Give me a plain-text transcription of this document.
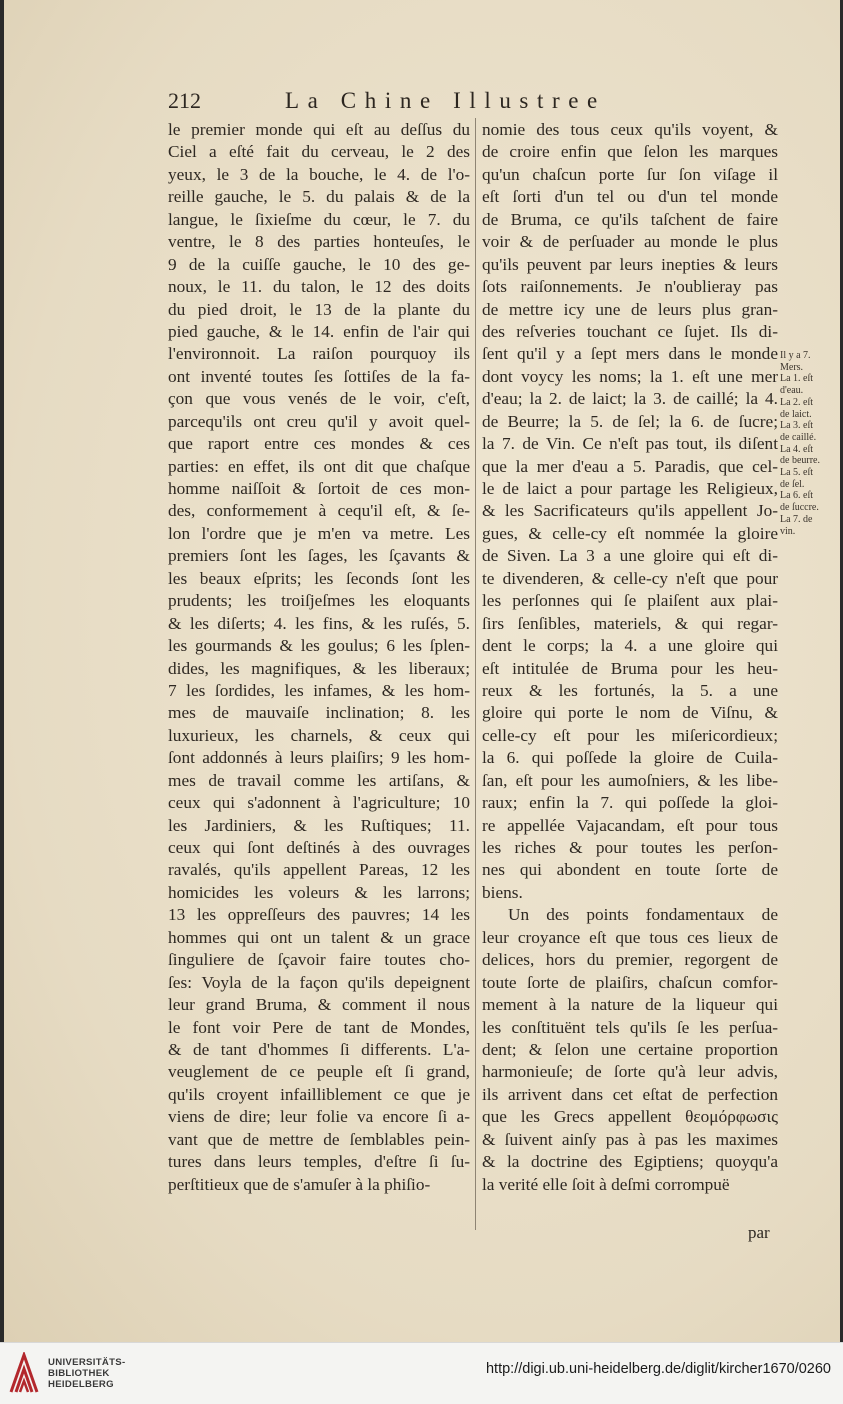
212	La Chine Illustree
le premier monde qui eſt au deſſus du
Ciel a eſté fait du cerveau, le 2 des
yeux, le 3 de la bouche, le 4. de l'o-
reille gauche, le 5. du palais & de la
langue, le ſixieſme du cœur, le 7. du
ventre, le 8 des parties honteuſes, le
9 de la cuiſſe gauche, le 10 des ge-
noux, le 11. du talon, le 12 des doits
du pied droit, le 13 de la plante du
pied gauche, & le 14. enfin de l'air qui
l'environnoit. La raiſon pourquoy ils
ont inventé toutes ſes ſottiſes de la fa-
çon que vous venés de le voir, c'eſt,
parcequ'ils ont creu qu'il y avoit quel-
que raport entre ces mondes & ces
parties: en effet, ils ont dit que chaſque
homme naiſſoit & ſortoit de ces mon-
des, conformement à cequ'il eſt, & ſe-
lon l'ordre que je m'en va metre. Les
premiers ſont les ſages, les ſçavants &
les beaux eſprits; les ſeconds ſont les
prudents; les troiſjeſmes les eloquants
& les diſerts; 4. les fins, & les ruſés, 5.
les gourmands & les goulus; 6 les ſplen-
dides, les magnifiques, & les liberaux;
7 les ſordides, les infames, & les hom-
mes de mauvaiſe inclination; 8. les
luxurieux, les charnels, & ceux qui
ſont addonnés à leurs plaiſirs; 9 les hom-
mes de travail comme les artiſans, &
ceux qui s'adonnent à l'agriculture; 10
les Jardiniers, & les Ruſtiques; 11.
ceux qui ſont deſtinés à des ouvrages
ravalés, qu'ils appellent Pareas, 12 les
homicides les voleurs & les larrons;
13 les oppreſſeurs des pauvres; 14 les
hommes qui ont un talent & un grace
ſinguliere de ſçavoir faire toutes cho-
ſes: Voyla de la façon qu'ils depeignent
leur grand Bruma, & comment il nous
le font voir Pere de tant de Mondes,
& de tant d'hommes ſi differents. L'a-
veuglement de ce peuple eſt ſi grand,
qu'ils croyent infailliblement ce que je
viens de dire; leur folie va encore ſi a-
vant que de mettre de ſemblables pein-
tures dans leurs temples, d'eſtre ſi ſu-
perſtitieux que de s'amuſer à la phiſio-
nomie des tous ceux qu'ils voyent, &
de croire enfin que ſelon les marques
qu'un chaſcun porte ſur ſon viſage il
eſt ſorti d'un tel ou d'un tel monde
de Bruma, ce qu'ils taſchent de faire
voir & de perſuader au monde le plus
qu'ils peuvent par leurs inepties & leurs
ſots raiſonnements. Je n'oublieray pas
de mettre icy une de leurs plus gran-
des reſveries touchant ce ſujet. Ils di-
ſent qu'il y a ſept mers dans le monde
dont voycy les noms; la 1. eſt une mer
d'eau; la 2. de laict; la 3. de caillé; la 4.
de Beurre; la 5. de ſel; la 6. de ſucre;
la 7. de Vin. Ce n'eſt pas tout, ils diſent
que la mer d'eau a 5. Paradis, que cel-
le de laict a pour partage les Religieux,
& les Sacrificateurs qu'ils appellent Jo-
gues, & celle-cy eſt nommée la gloire
de Siven. La 3 a une gloire qui eſt di-
te divenderen, & celle-cy n'eſt que pour
les perſonnes qui ſe plaiſent aux plai-
ſirs ſenſibles, materiels, & qui regar-
dent le corps; la 4. a une gloire qui
eſt intitulée de Bruma pour les heu-
reux & les fortunés, la 5. a une
gloire qui porte le nom de Viſnu, &
celle-cy eſt pour les miſericordieux;
la 6. qui poſſede la gloire de Cuila-
ſan, eſt pour les aumoſniers, & les libe-
raux; enfin la 7. qui poſſede la gloi-
re appellée Vajacandam, eſt pour tous
les riches & pour toutes les perſon-
nes qui abondent en toute ſorte de
biens.
Un des points fondamentaux de
leur croyance eſt que tous ces lieux de
delices, hors du premier, regorgent de
toute ſorte de plaiſirs, chaſcun comfor-
mement à la nature de la liqueur qui
les conſtituënt tels qu'ils ſe les perſua-
dent; & ſelon une certaine proportion
harmonieuſe; de ſorte qu'à leur advis,
ils arrivent dans cet eſtat de perfection
que les Grecs appellent θεομόρφωσις
& ſuivent ainſy pas à pas les maximes
& la doctrine des Egiptiens; quoyqu'a
la verité elle ſoit à deſmi corrompuë
Il y a 7.
Mers.
La 1. eſt
d'eau.
La 2. eſt
de laict.
La 3. eſt
de caillé.
La 4. eſt
de beurre.
La 5. eſt
de ſel.
La 6. eſt
de ſuccre.
La 7. de
vin.
par
UNIVERSITÄTS-
BIBLIOTHEK
HEIDELBERG
http://digi.ub.uni-heidelberg.de/diglit/kircher1670/0260
